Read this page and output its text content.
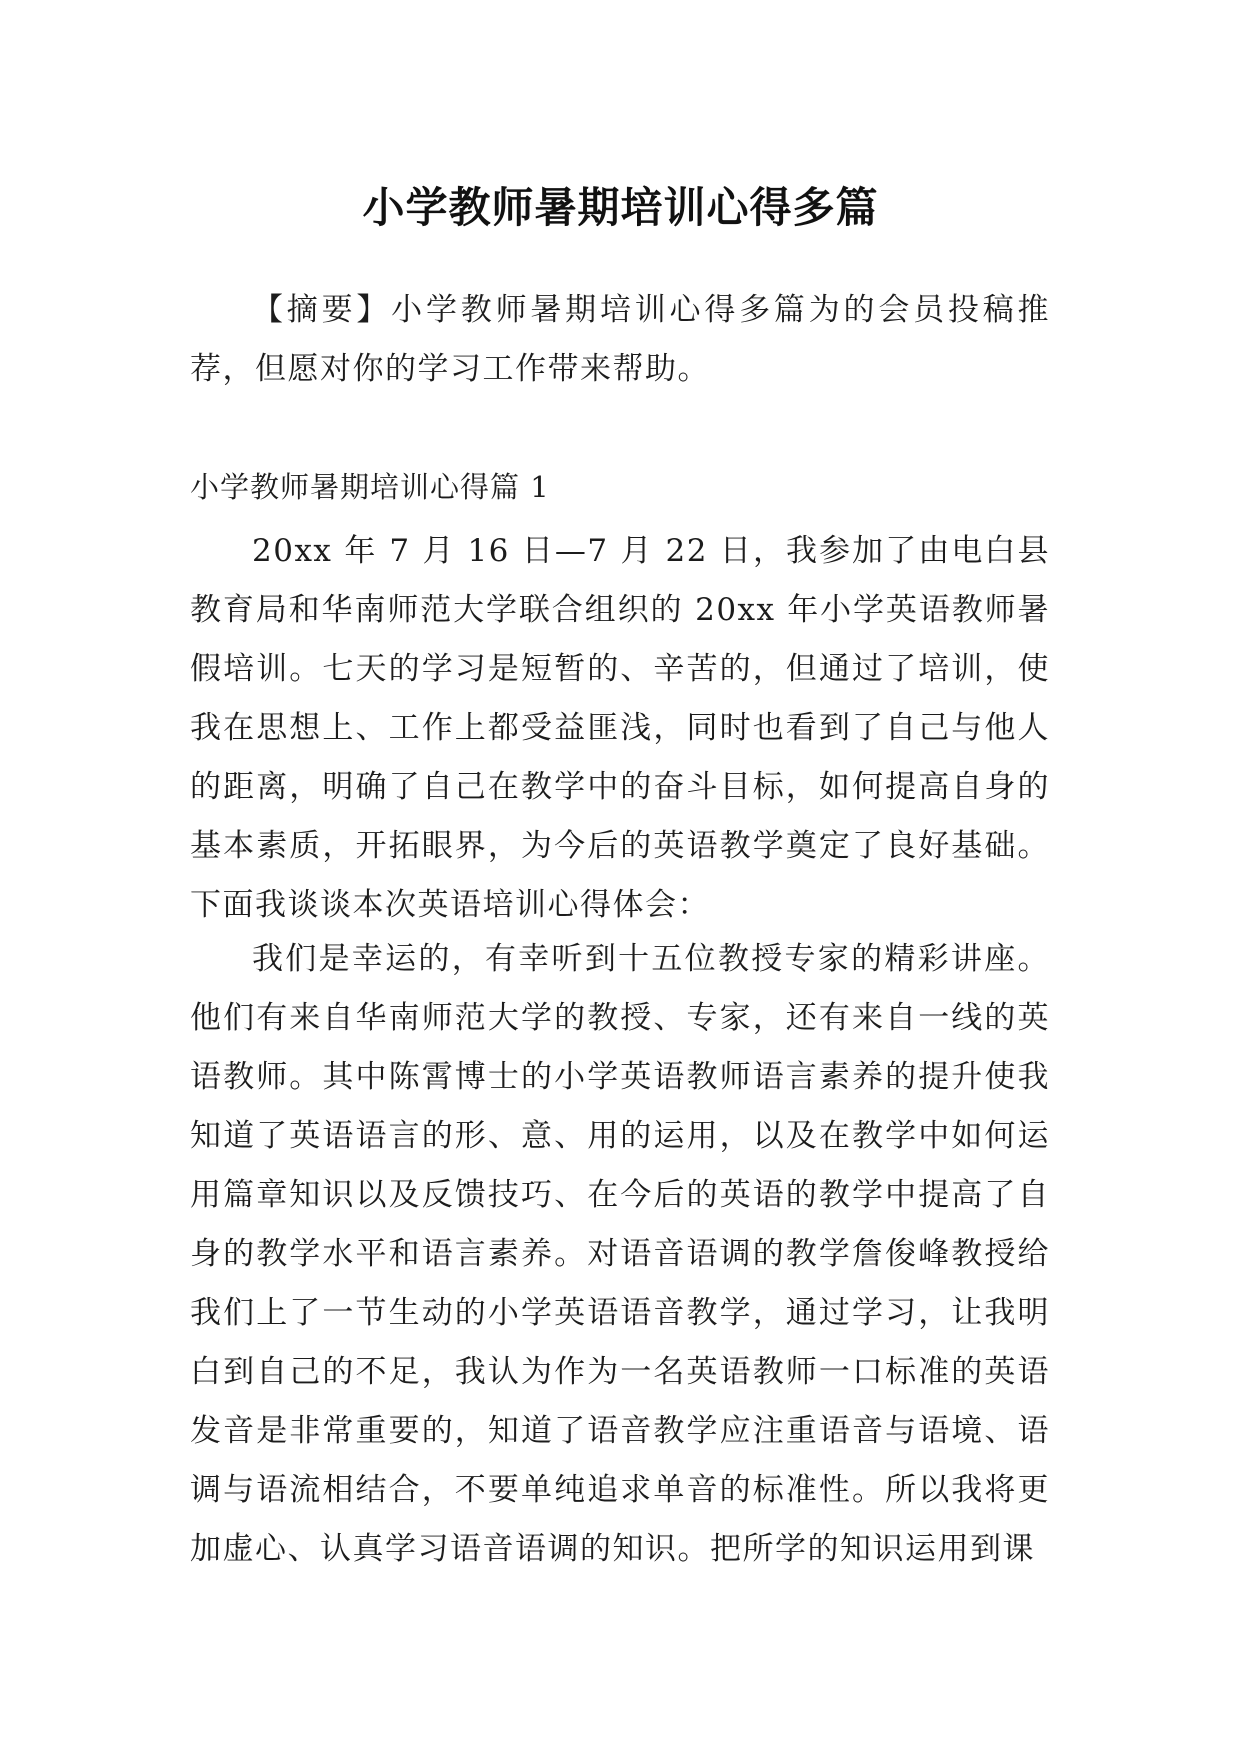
小学教师暑期培训心得多篇

【摘要】小学教师暑期培训心得多篇为的会员投稿推荐，但愿对你的学习工作带来帮助。

小学教师暑期培训心得篇 1

20xx 年 7 月 16 日—7 月 22 日，我参加了由电白县教育局和华南师范大学联合组织的 20xx 年小学英语教师暑假培训。七天的学习是短暂的、辛苦的，但通过了培训，使我在思想上、工作上都受益匪浅，同时也看到了自己与他人的距离，明确了自己在教学中的奋斗目标，如何提高自身的基本素质，开拓眼界，为今后的英语教学奠定了良好基础。下面我谈谈本次英语培训心得体会：

我们是幸运的，有幸听到十五位教授专家的精彩讲座。他们有来自华南师范大学的教授、专家，还有来自一线的英语教师。其中陈霄博士的小学英语教师语言素养的提升使我知道了英语语言的形、意、用的运用，以及在教学中如何运用篇章知识以及反馈技巧、在今后的英语的教学中提高了自身的教学水平和语言素养。对语音语调的教学詹俊峰教授给我们上了一节生动的小学英语语音教学，通过学习，让我明白到自己的不足，我认为作为一名英语教师一口标准的英语发音是非常重要的，知道了语音教学应注重语音与语境、语调与语流相结合，不要单纯追求单音的标准性。所以我将更加虚心、认真学习语音语调的知识。把所学的知识运用到课
